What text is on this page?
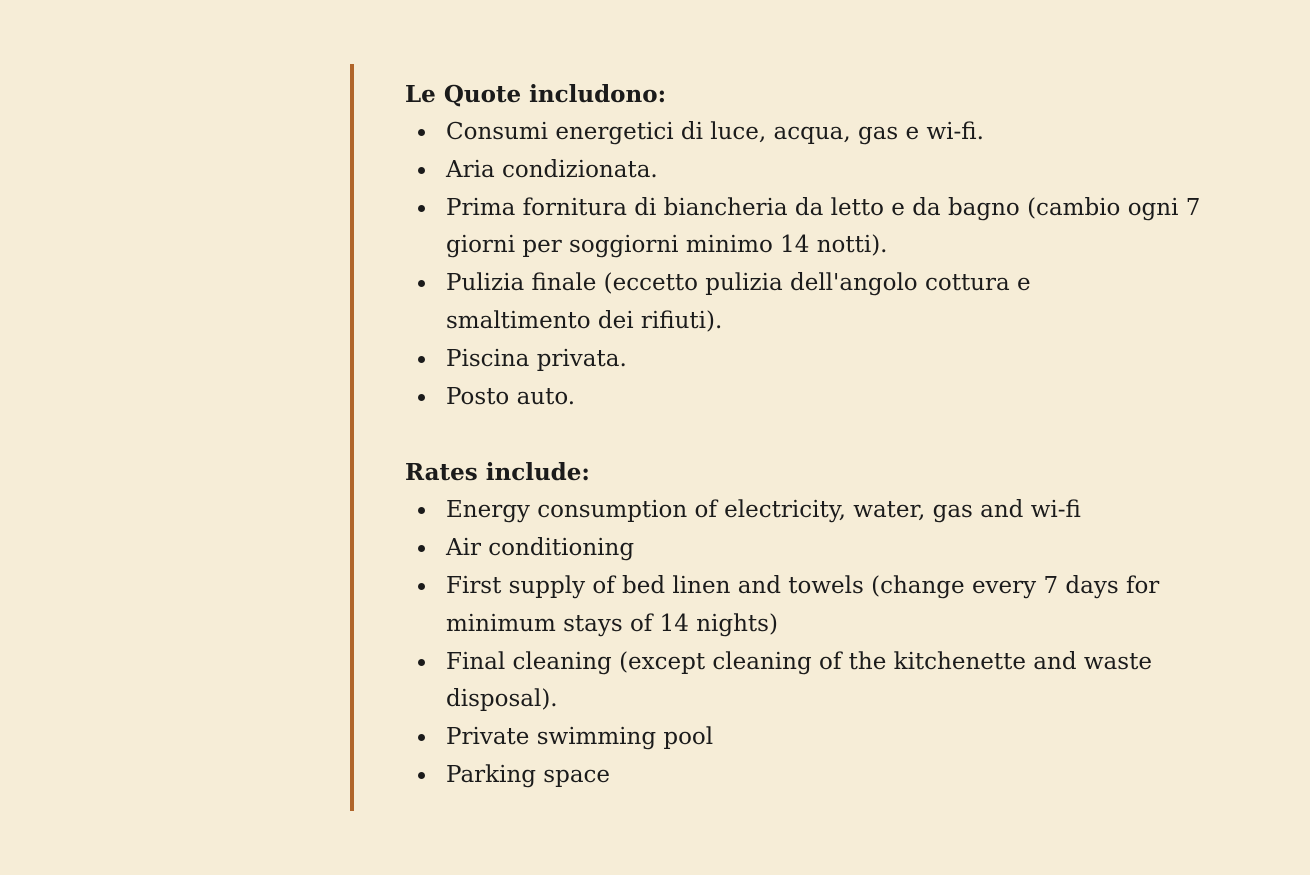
Le Quote includono:
Consumi energetici di luce, acqua, gas e wi-fi.
Aria condizionata.
Prima fornitura di biancheria da letto e da bagno (cambio ogni 7 giorni per soggiorni minimo 14 notti).
Pulizia finale (eccetto pulizia dell'angolo cottura e smaltimento dei rifiuti).
Piscina privata.
Posto auto.
Rates include:
Energy consumption of electricity, water, gas and wi-fi
Air conditioning
First supply of bed linen and towels (change every 7 days for minimum stays of 14 nights)
Final cleaning (except cleaning of the kitchenette and waste disposal).
Private swimming pool
Parking space
